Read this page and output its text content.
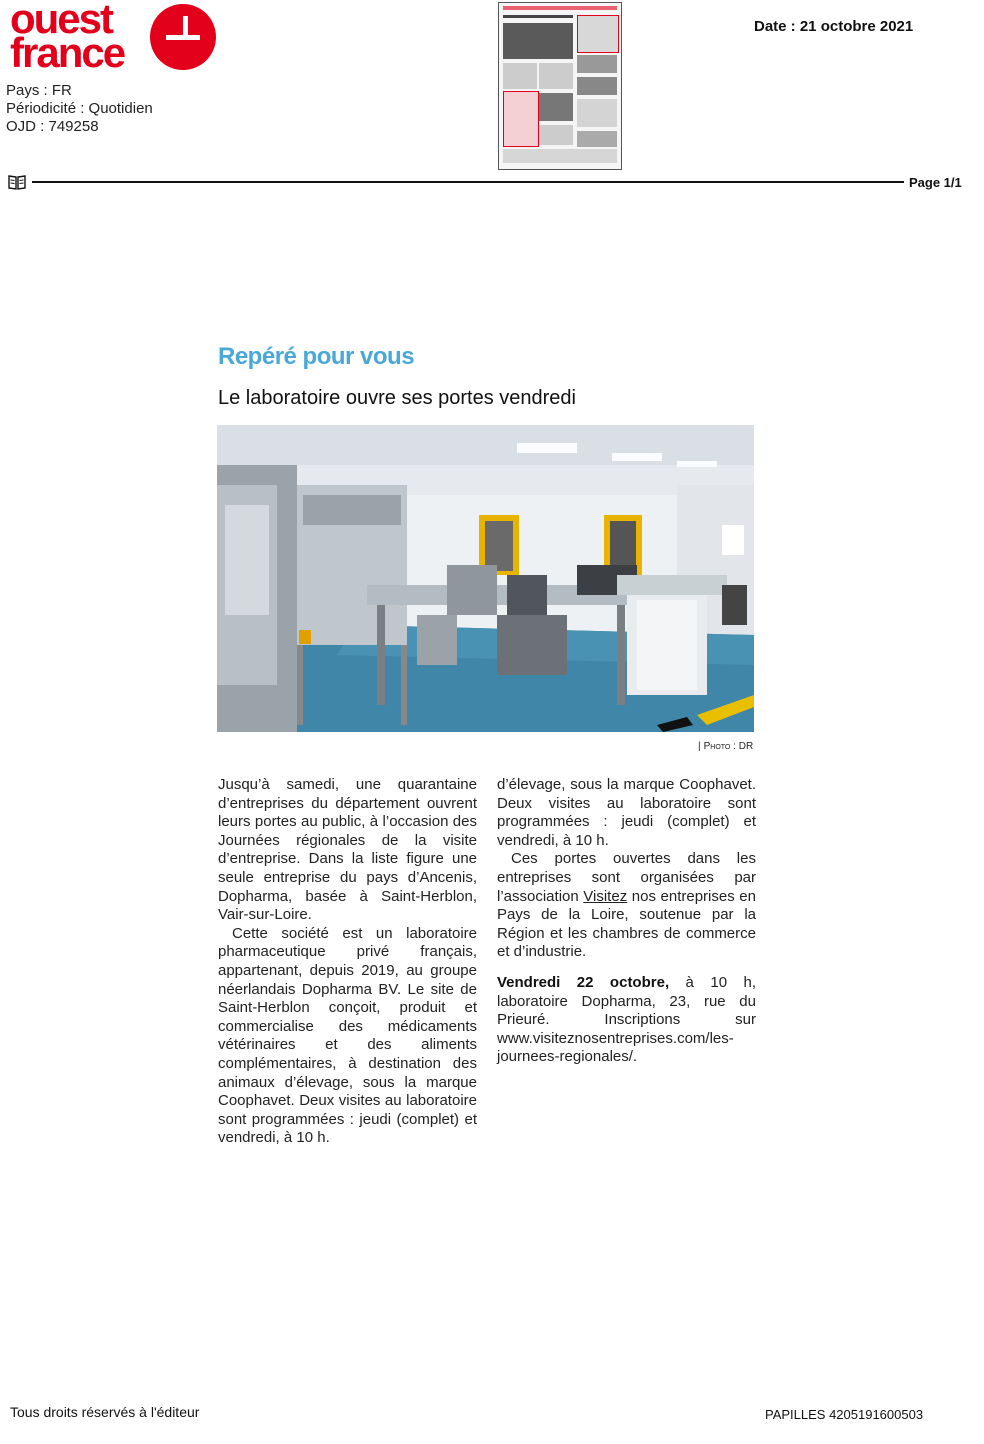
ouest
france
Pays : FR
Périodicité : Quotidien
OJD : 749258
Date : 21 octobre 2021
Page 1/1
Repéré pour vous
Le laboratoire ouvre ses portes vendredi
| Photo : DR

Jusqu’à samedi, une quarantaine d’entreprises du département ouvrent leurs portes au public, à l’occasion des Journées régionales de la visite d’entreprise. Dans la liste figure une seule entreprise du pays d’Ancenis, Dopharma, basée à Saint-Herblon, Vair-sur-Loire.

Cette société est un laboratoire pharmaceutique privé français, appartenant, depuis 2019, au groupe néerlandais Dopharma BV. Le site de Saint-Herblon conçoit, produit et commercialise des médicaments vétérinaires et des aliments complémentaires, à destination des animaux d’élevage, sous la marque Coophavet. Deux visites au laboratoire sont programmées : jeudi (complet) et vendredi, à 10 h.

d’élevage, sous la marque Coophavet. Deux visites au laboratoire sont programmées : jeudi (complet) et vendredi, à 10 h.

Ces portes ouvertes dans les entreprises sont organisées par l’association Visitez nos entreprises en Pays de la Loire, soutenue par la Région et les chambres de commerce et d’industrie.

Vendredi 22 octobre, à 10 h, laboratoire Dopharma, 23, rue du Prieuré. Inscriptions sur www.visiteznosentreprises.com/les-journees-regionales/.

Tous droits réservés à l'éditeur	PAPILLES 4205191600503
